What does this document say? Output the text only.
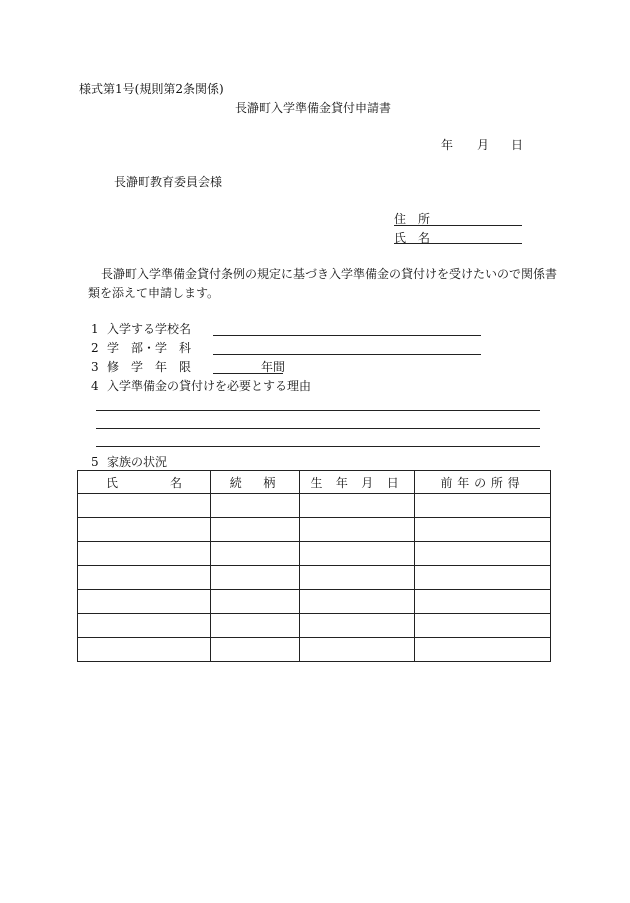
様式第1号(規則第2条関係)
長瀞町入学準備金貸付申請書
年 月 日
長瀞町教育委員会様
住　所
氏　名
長瀞町入学準備金貸付条例の規定に基づき入学準備金の貸付けを受けたいので関係書
類を添えて申請します。
1 入学する学校名
2 学　部・学　科
3 修　学　年　限	年間
4 入学準備金の貸付けを必要とする理由
5 家族の状況
氏名	続　柄	生 年 月 日	前年の所得
